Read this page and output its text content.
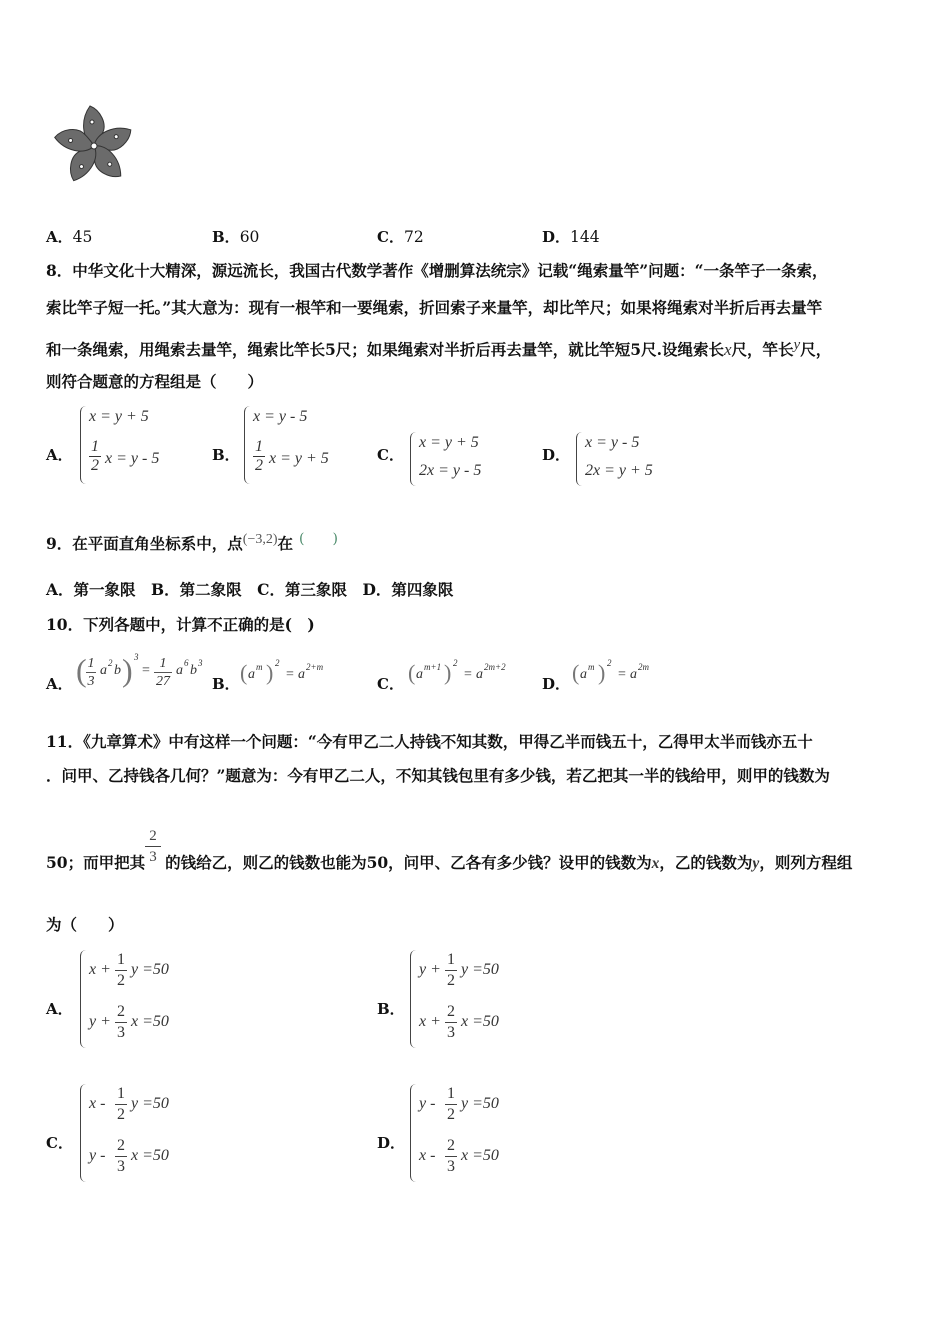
A．45	B．60	C．72	D．144
8．中华文化十大精深，源远流长，我国古代数学著作《增删算法统宗》记载“绳索量竿”问题：“一条竿子一条索，
索比竿子短一托。”其大意为：现有一根竿和一要绳索，折回索子来量竿，却比竿尺；如果将绳索对半折后再去量竿
和一条绳索，用绳索去量竿，绳索比竿长5尺；如果绳索对半折后再去量竿，就比竿短5尺.设绳索长x尺，竿长$^y$尺，
则符合题意的方程组是（　　）
A．
x = y + 5
1
2 x = y - 5	B．
x = y - 5
1
2 x = y + 5	C．
x = y + 5
2x = y - 5
D．
x = y - 5
2x = y + 5
9．在平面直角坐标系中，点$^{(-3,2)}$在 (　　)
A．第一象限　B．第二象限　C．第三象限　D．第四象限
10．下列各题中，计算不正确的是(　)
A． ( 1
3
a 2 b ) 3
= 1
27
a 6 b 3
B． ( a m ) 2
= a 2+m
C． ( a m+1 ) 2
= a 2m+2
D． ( a m ) 2
= a 2m
11．《九章算术》中有这样一个问题：“今有甲乙二人持钱不知其数，甲得乙半而钱五十，乙得甲太半而钱亦五十
．问甲、乙持钱各几何？”题意为：今有甲乙二人，不知其钱包里有多少钱，若乙把其一半的钱给甲，则甲的钱数为
2
3
50；而甲把其 的钱给乙，则乙的钱数也能为50，问甲、乙各有多少钱？设甲的钱数为x，乙的钱数为y，则列方程组
为（　　）
A．
x +
1
2
y =50
y +
2
3
x =50
B．
y +
1
2
y =50
x +
2
3
x =50
C．
x -
1
2
y =50
y -
2
3
x =50
D．
y -
1
2
y =50
x -
2
3
x =50
